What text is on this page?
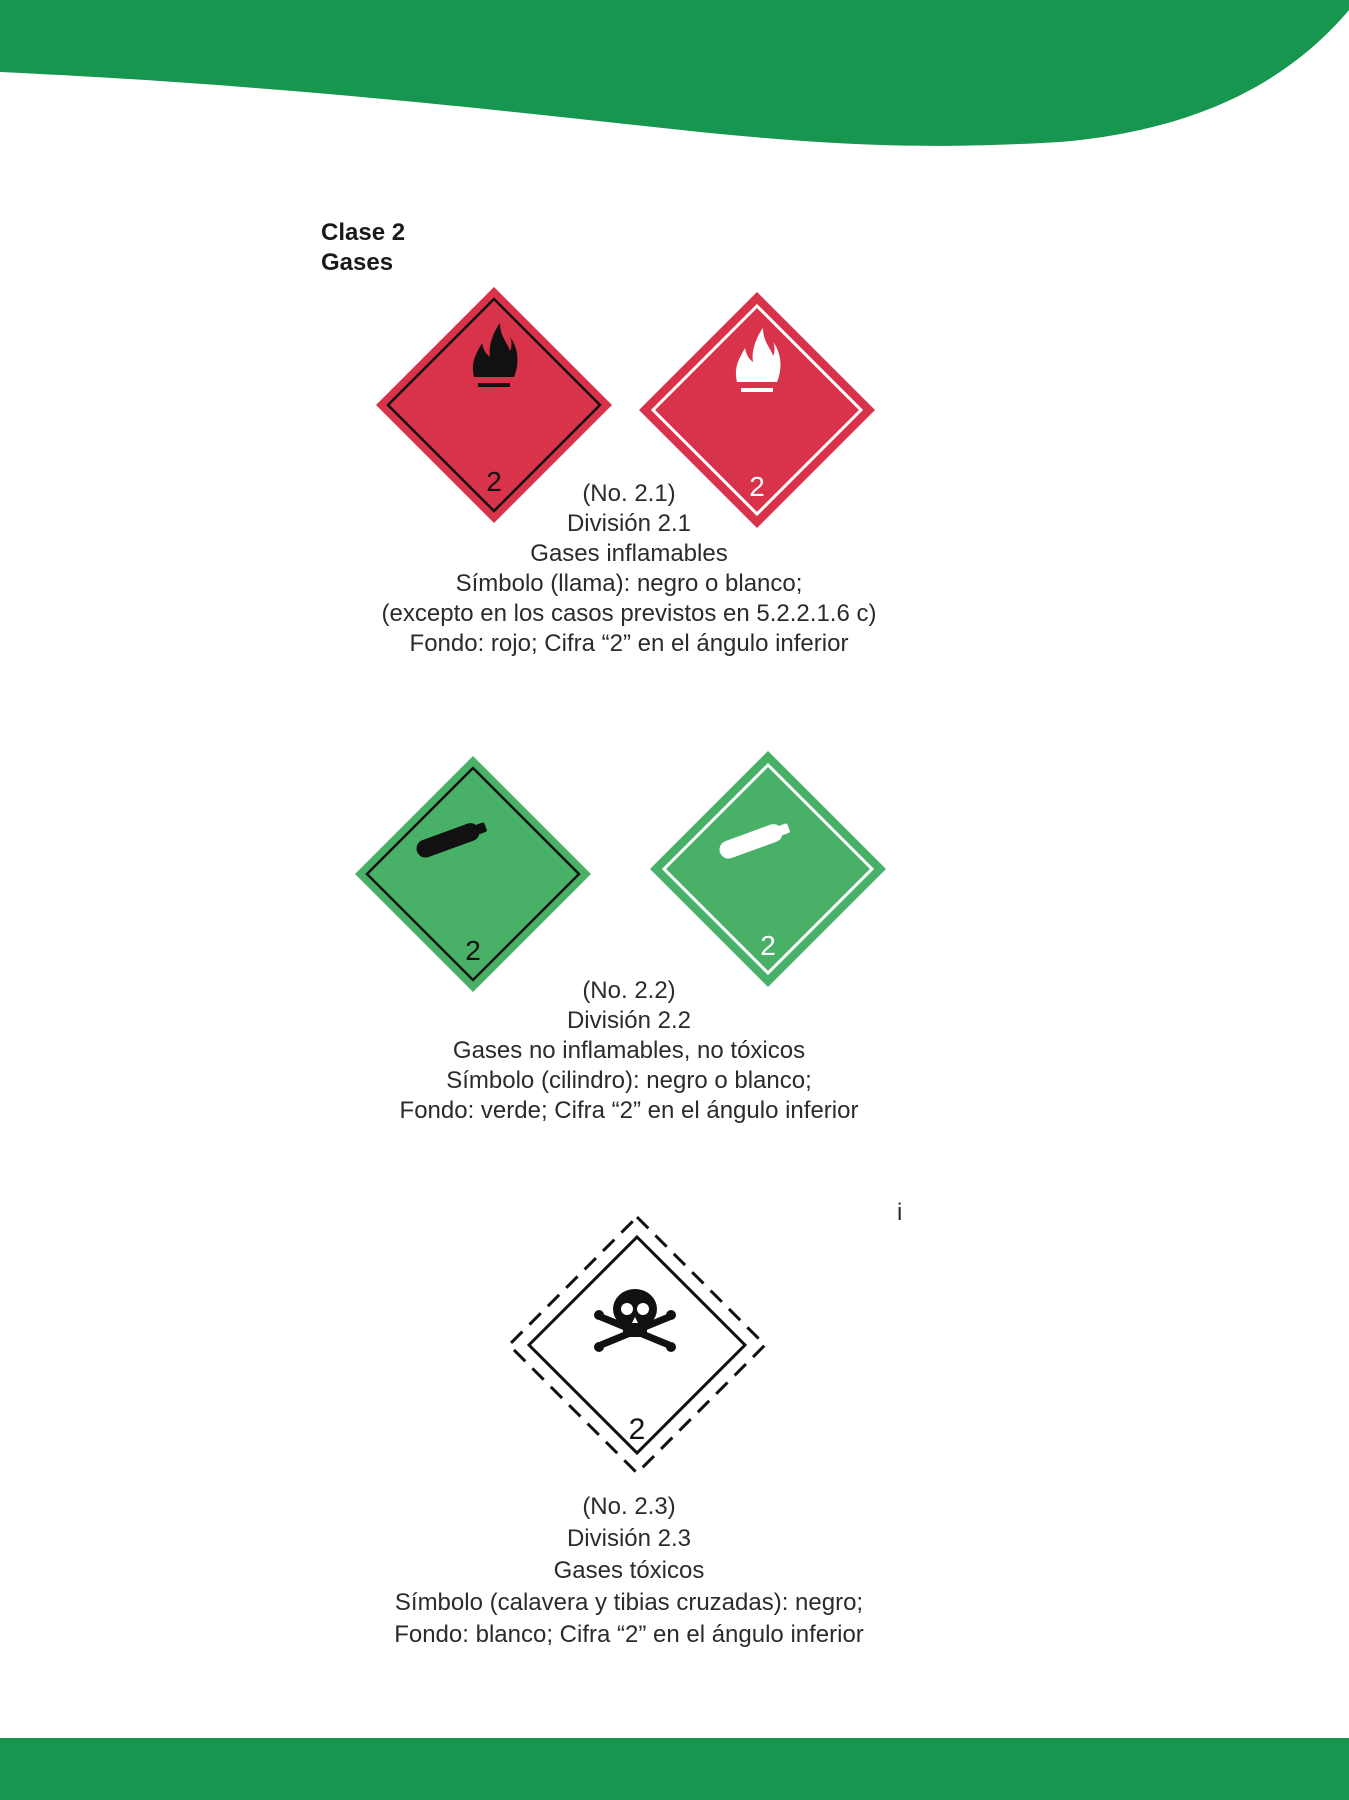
Clase 2
Gases
2	2
(No. 2.1)
División 2.1
Gases inflamables
Símbolo (llama): negro o blanco;
(excepto en los casos previstos en 5.2.2.1.6 c)
Fondo: rojo; Cifra “2” en el ángulo inferior
2	2
(No. 2.2)
División 2.2
Gases no inflamables, no tóxicos
Símbolo (cilindro): negro o blanco;
Fondo: verde; Cifra “2” en el ángulo inferior
i
2
(No. 2.3)
División 2.3
Gases tóxicos
Símbolo (calavera y tibias cruzadas): negro;
Fondo: blanco; Cifra “2” en el ángulo inferior
